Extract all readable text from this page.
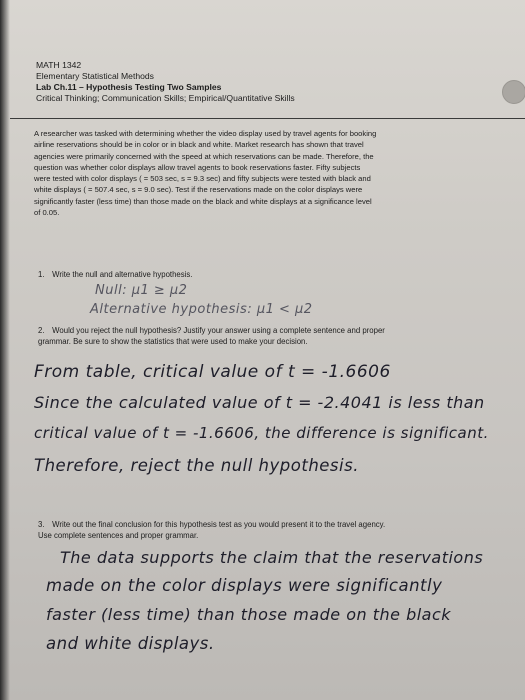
MATH 1342
Elementary Statistical Methods
Lab Ch.11 – Hypothesis Testing Two Samples
Critical Thinking; Communication Skills; Empirical/Quantitative Skills
A researcher was tasked with determining whether the video display used by travel agents for booking
airline reservations should be in color or in black and white. Market research has shown that travel
agencies were primarily concerned with the speed at which reservations can be made. Therefore, the
question was whether color displays allow travel agents to book reservations faster. Fifty subjects
were tested with color displays ( = 503 sec, s = 9.3 sec) and fifty subjects were tested with black and
white displays ( = 507.4 sec, s = 9.0 sec). Test if the reservations made on the color displays were
significantly faster (less time) than those made on the black and white displays at a significance level
of 0.05.
1. Write the null and alternative hypothesis.
Null: μ1 ≥ μ2
Alternative hypothesis: μ1 < μ2
2. Would you reject the null hypothesis? Justify your answer using a complete sentence and proper
grammar. Be sure to show the statistics that were used to make your decision.
From table, critical value of t = -1.6606
Since the calculated value of t = -2.4041 is less than
critical value of t = -1.6606, the difference is significant.
Therefore, reject the null hypothesis.
3. Write out the final conclusion for this hypothesis test as you would present it to the travel agency.
Use complete sentences and proper grammar.
The data supports the claim that the reservations
made on the color displays were significantly
faster (less time) than those made on the black
and white displays.
